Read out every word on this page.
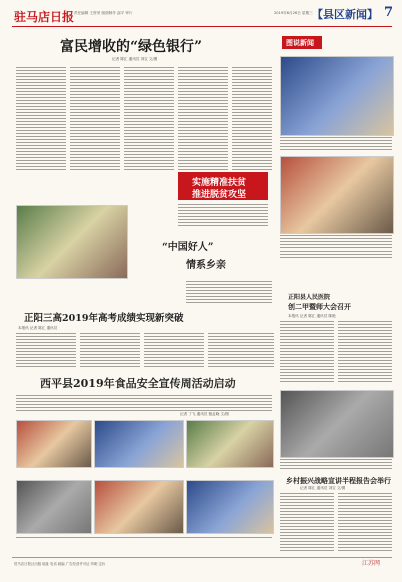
驻马店日报 责任编辑 王资荣 版面制作 邵平 审片	2019年6月26日 星期三 【县区新闻】 7
富民增收的“绿色银行”
记者 陈汇 通讯员 刘宝 文/图
实施精准扶贫
推进脱贫攻坚
“中国好人”
情系乡亲
图说新闻
正阳县人民医院
创二甲暨师大会召开
本报讯 记者 陈汇 通讯员 陈艳
正阳三高2019年高考成绩实现新突破
本报讯 记者 陈汇 通讯员
西平县2019年食品安全宣传周活动启动
记者 丁飞 通讯员 甄孟晓 文/图
乡村振兴战略宣讲半程报告会举行
记者 陈汇 通讯员 刘宝 文/图
驻马店日报社出版 地址 电话 邮编 广告经营许可证 印刷 定价	江苏网
